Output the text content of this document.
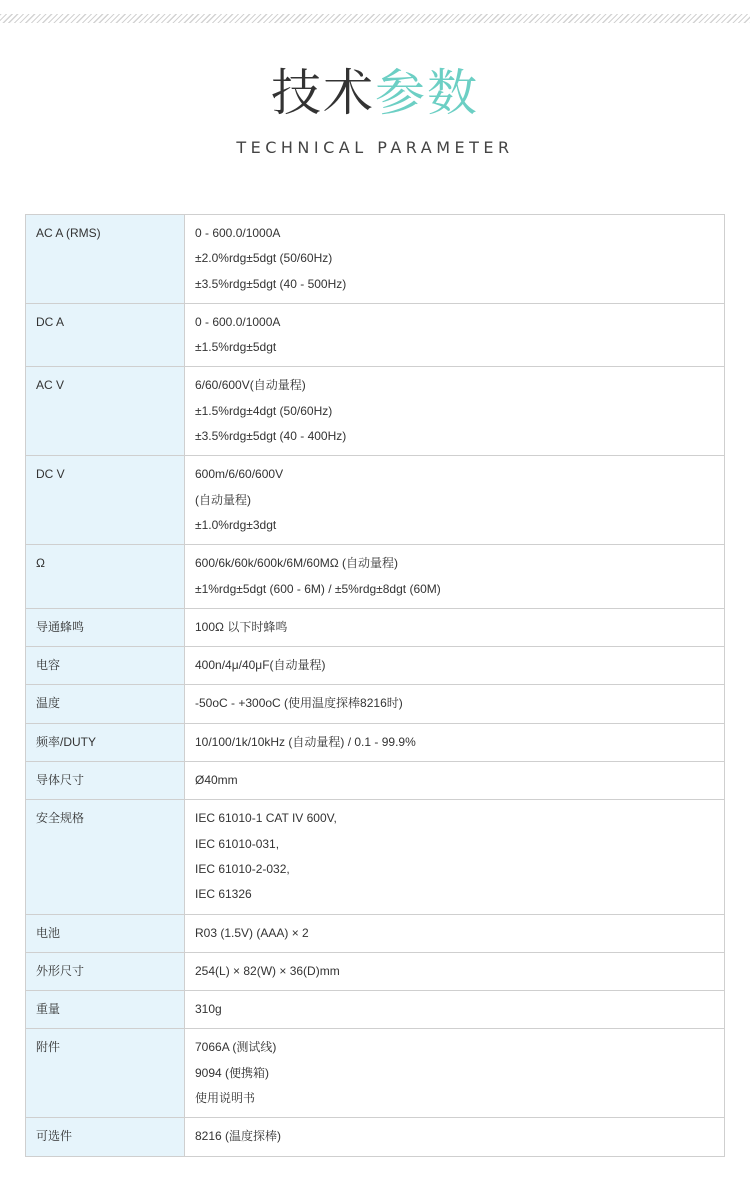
技术参数
TECHNICAL PARAMETER
AC A (RMS)	0 - 600.0/1000A
±2.0%rdg±5dgt (50/60Hz)
±3.5%rdg±5dgt (40 - 500Hz)

DC A	0 - 600.0/1000A
±1.5%rdg±5dgt

AC V	6/60/600V(自动量程)
±1.5%rdg±4dgt (50/60Hz)
±3.5%rdg±5dgt (40 - 400Hz)

DC V	600m/6/60/600V
(自动量程)
±1.0%rdg±3dgt

Ω	600/6k/60k/600k/6M/60MΩ (自动量程)
±1%rdg±5dgt (600 - 6M) / ±5%rdg±8dgt (60M)

导通蜂鸣	100Ω 以下时蜂鸣

电容	400n/4μ/40μF(自动量程)

温度	-50oC - +300oC (使用温度探棒8216时)

频率/DUTY	10/100/1k/10kHz (自动量程) / 0.1 - 99.9%

导体尺寸	Ø40mm

安全规格	IEC 61010-1 CAT IV 600V,
IEC 61010-031,
IEC 61010-2-032,
IEC 61326

电池	R03 (1.5V) (AAA) × 2

外形尺寸	254(L) × 82(W) × 36(D)mm

重量	310g

附件	7066A (测试线)
9094 (便携箱)
使用说明书

可选件	8216 (温度探棒)
